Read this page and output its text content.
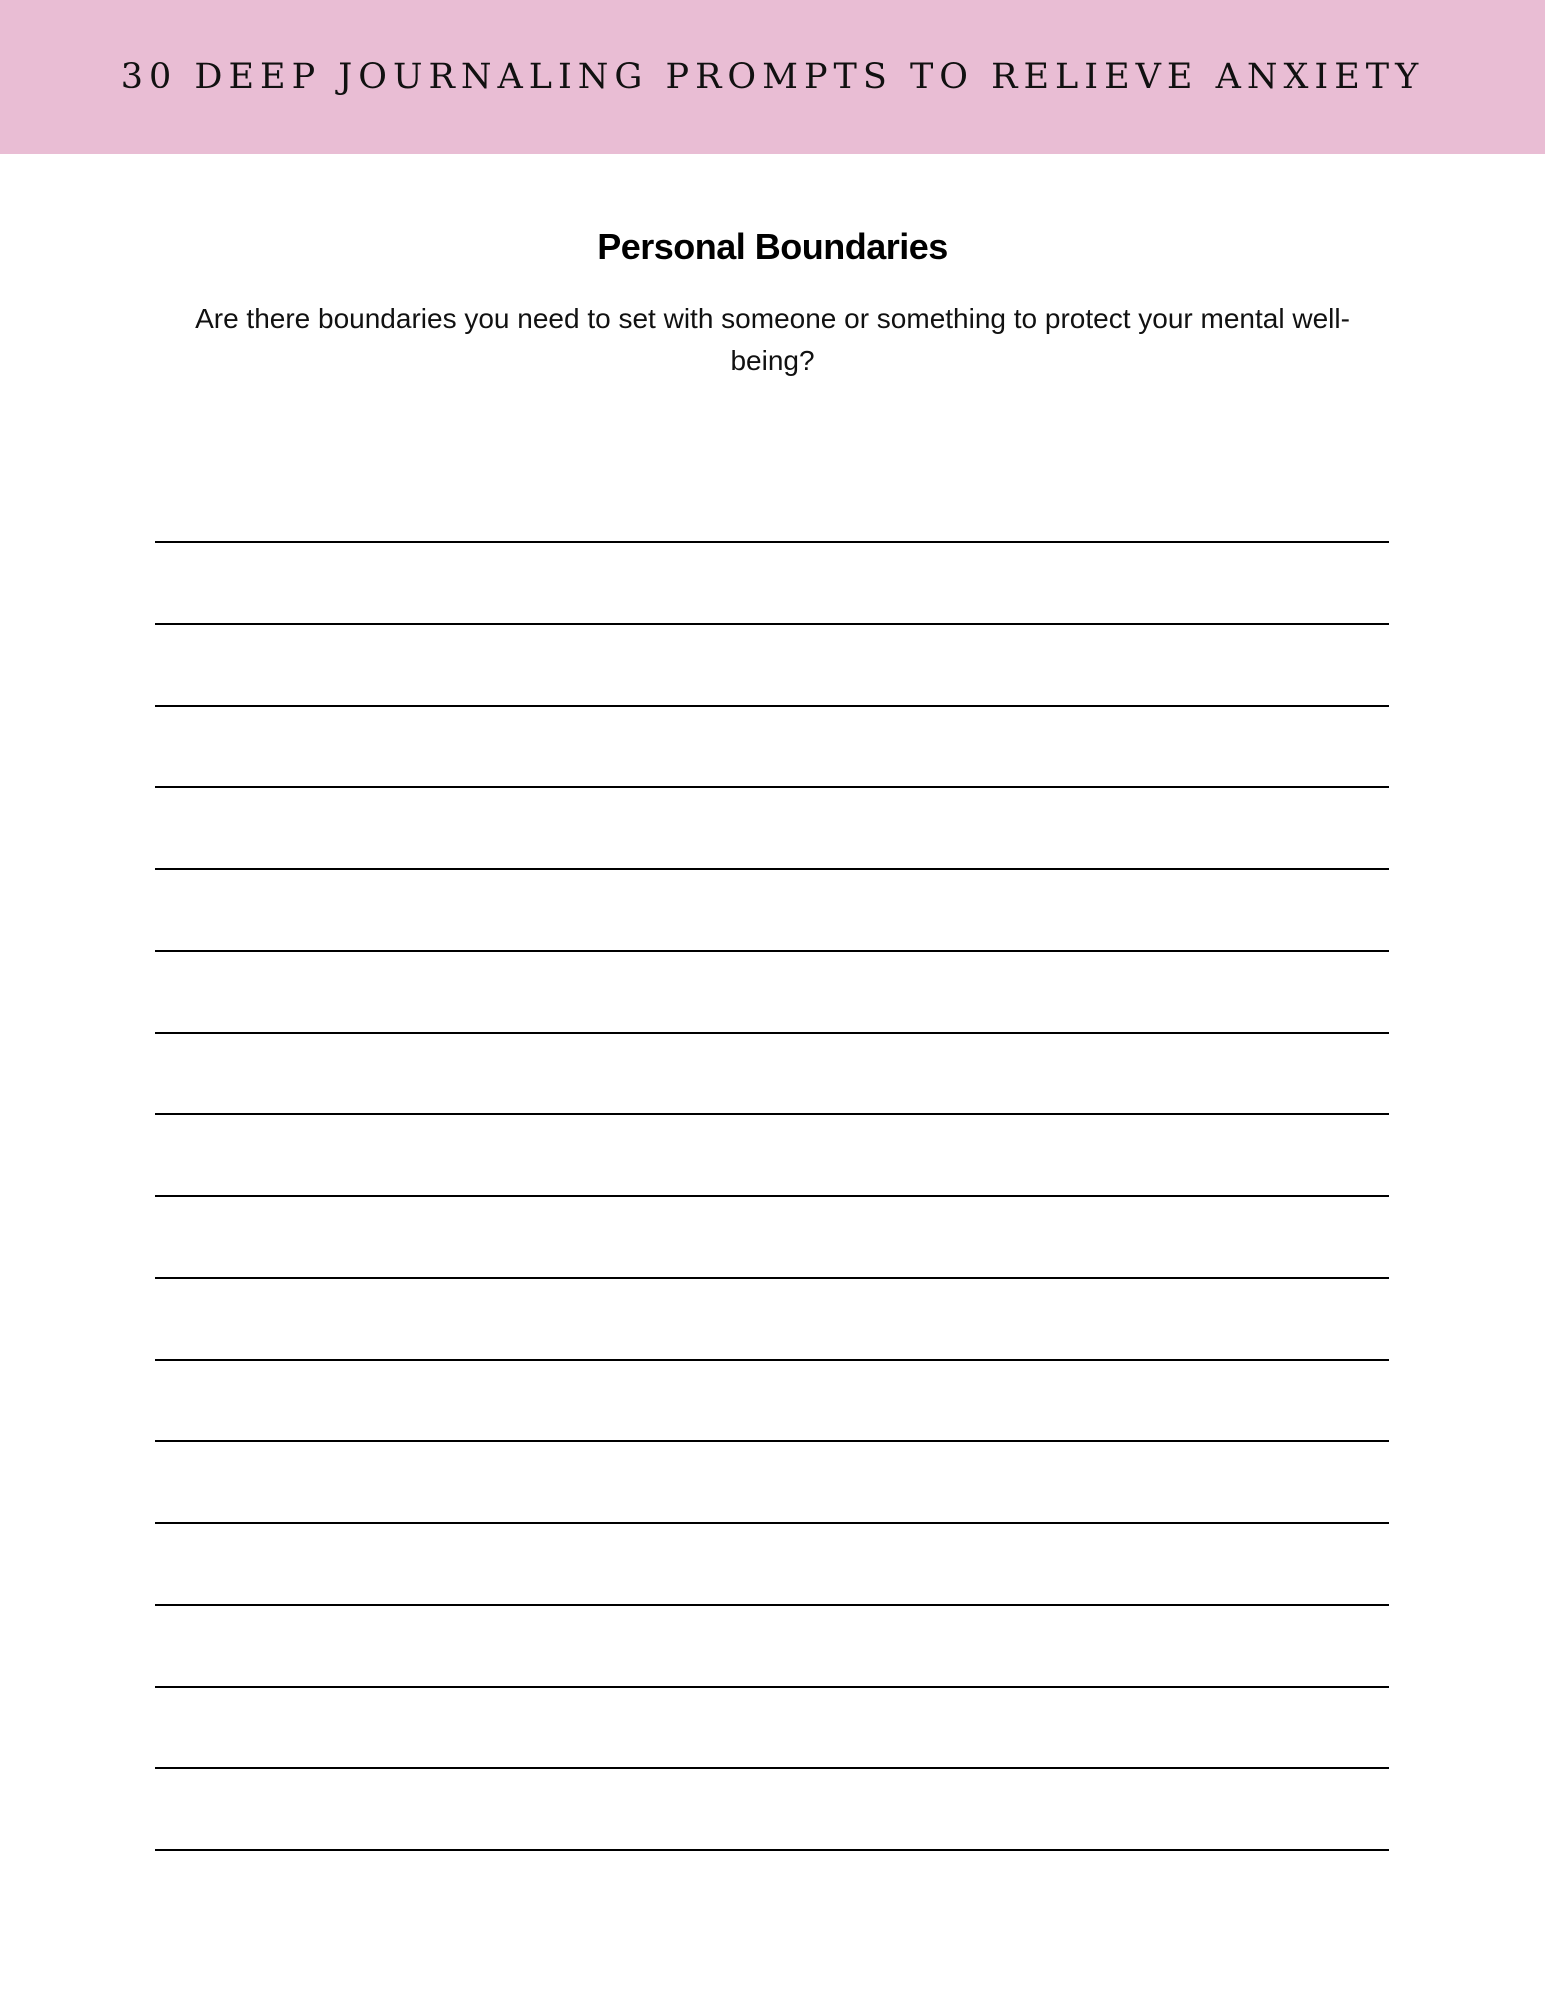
30 DEEP JOURNALING PROMPTS TO RELIEVE ANXIETY
Personal Boundaries
Are there boundaries you need to set with someone or something to protect your mental well-being?
